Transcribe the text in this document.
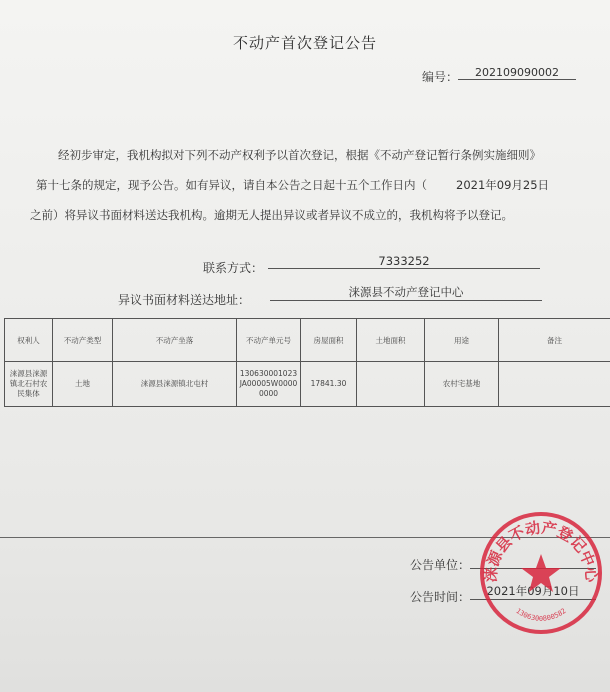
不动产首次登记公告
编号：	202109090002
经初步审定，我机构拟对下列不动产权利予以首次登记，根据《不动产登记暂行条例实施细则》
第十七条的规定，现予公告。如有异议，请自本公告之日起十五个工作日内（	2021年09月25日
之前）将异议书面材料送达我机构。逾期无人提出异议或者异议不成立的，我机构将予以登记。
联系方式：	7333252
异议书面材料送达地址：
涞源县不动产登记中心
权利人	不动产类型	不动产坐落	不动产单元号	房屋面积	土地面积	用途	备注
涞源县涞源镇北石村农民集体	土地	涞源县涞源镇北屯村	130630001023JA00005W00000000	17841.30		农村宅基地	
公告单位：
公告时间：	2021年09月10日
涞源县不动产登记中心
1306300800582
